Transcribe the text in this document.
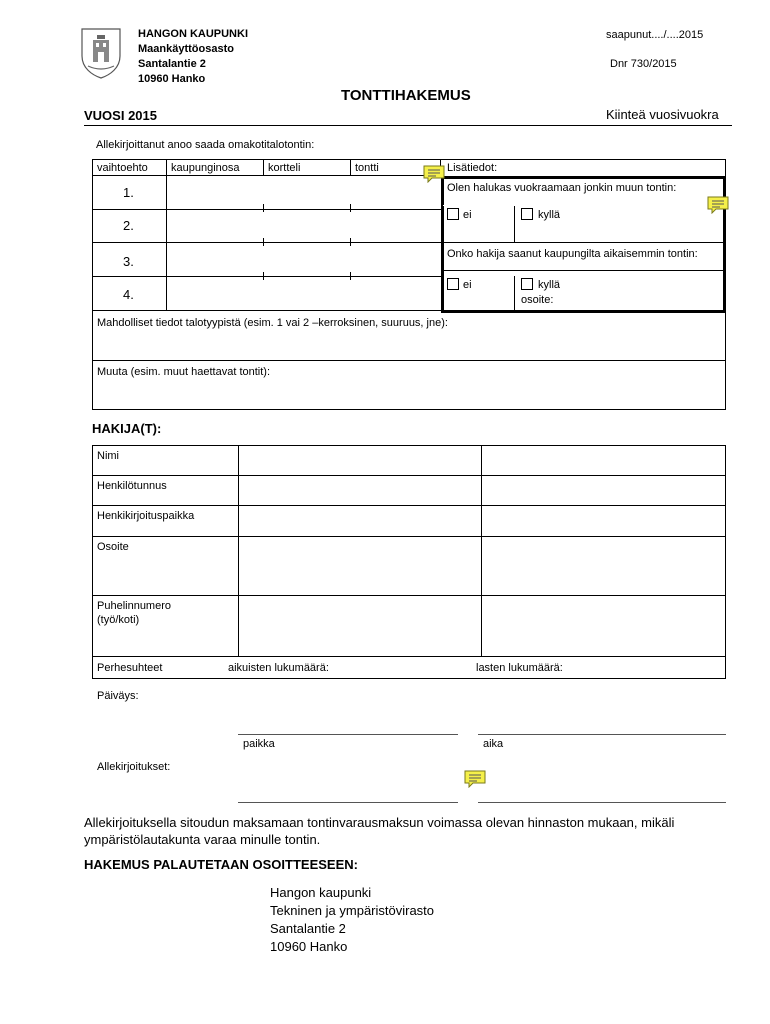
HANGON KAUPUNKI
Maankäyttöosasto
Santalantie 2
10960 Hanko
saapunut..../....2015
Dnr 730/2015
TONTTIHAKEMUS
VUOSI 2015	Kiinteä vuosivuokra
Allekirjoittanut anoo saada omakotitalotontin:
vaihtoehto kaupunginosa	kortteli	tontti	Lisätiedot:
1.
2.
3.
4.
Olen halukas vuokraamaan jonkin muun tontin:
ei	kyllä
Onko hakija saanut kaupungilta aikaisemmin tontin:
ei	kyllä
osoite:
Mahdolliset tiedot talotyypistä (esim. 1 vai 2 –kerroksinen, suuruus, jne):
Muuta (esim. muut haettavat tontit):
HAKIJA(T):
Nimi
Henkilötunnus
Henkikirjoituspaikka
Osoite
Puhelinnumero
(työ/koti)
Perhesuhteet	aikuisten lukumäärä:	lasten lukumäärä:
Päiväys:
paikka	aika
Allekirjoitukset:
Allekirjoituksella sitoudun maksamaan tontinvarausmaksun voimassa olevan hinnaston mukaan, mikäli
ympäristölautakunta varaa minulle tontin.
HAKEMUS PALAUTETAAN OSOITTEESEEN:
Hangon kaupunki
Tekninen ja ympäristövirasto
Santalantie 2
10960 Hanko
